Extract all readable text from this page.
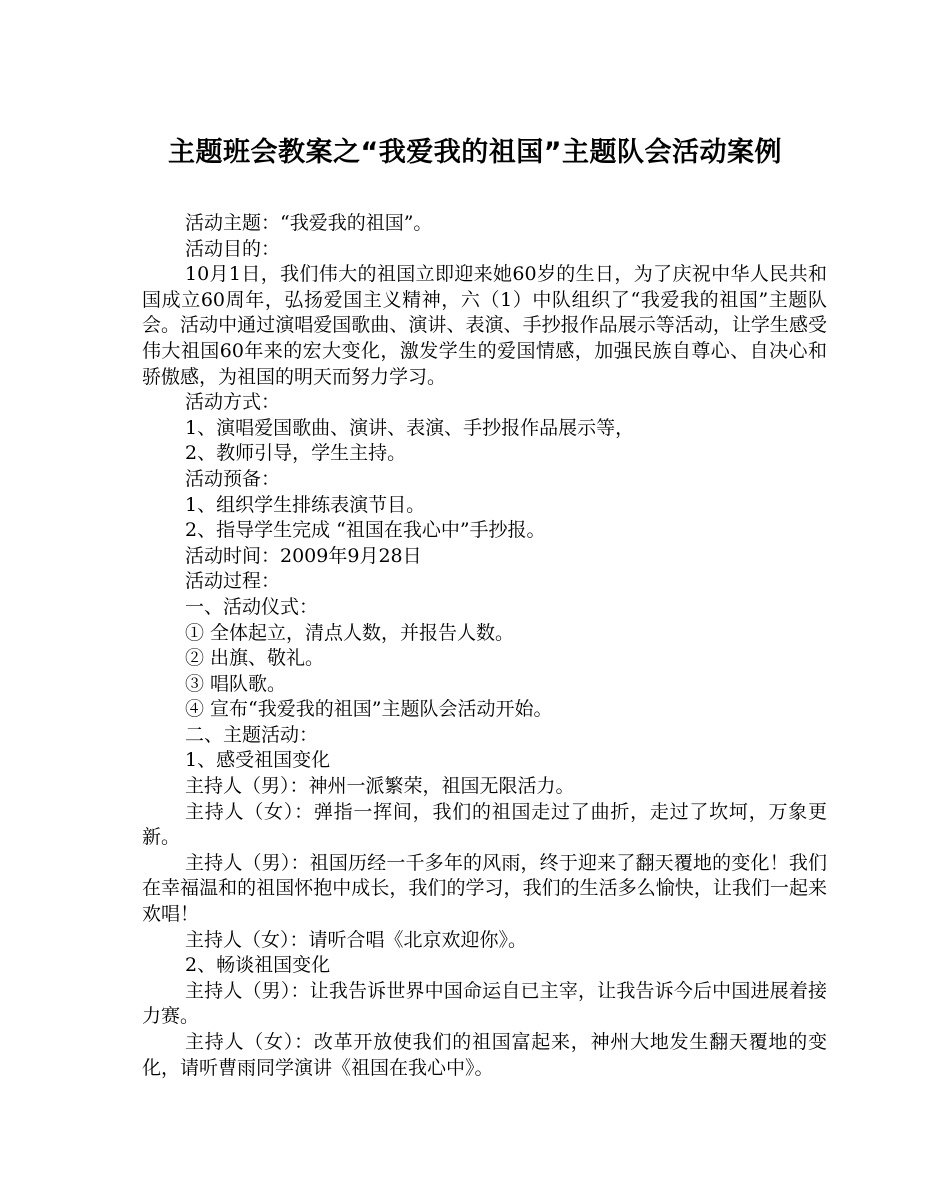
主题班会教案之“我爱我的祖国”主题队会活动案例

活动主题：“我爱我的祖国”。

活动目的：

10月1日，我们伟大的祖国立即迎来她60岁的生日，为了庆祝中华人民共和国成立60周年，弘扬爱国主义精神，六（1）中队组织了“我爱我的祖国”主题队会。活动中通过演唱爱国歌曲、演讲、表演、手抄报作品展示等活动，让学生感受伟大祖国60年来的宏大变化，激发学生的爱国情感，加强民族自尊心、自决心和骄傲感，为祖国的明天而努力学习。

活动方式：

1、演唱爱国歌曲、演讲、表演、手抄报作品展示等，

2、教师引导，学生主持。

活动预备：

1、组织学生排练表演节目。

2、指导学生完成 “祖国在我心中”手抄报。

活动时间：2009年9月28日

活动过程：

一、活动仪式：

① 全体起立，清点人数，并报告人数。

② 出旗、敬礼。

③ 唱队歌。

④ 宣布“我爱我的祖国”主题队会活动开始。

二、主题活动：

1、感受祖国变化

主持人（男）：神州一派繁荣，祖国无限活力。

主持人（女）：弹指一挥间，我们的祖国走过了曲折，走过了坎坷，万象更新。

主持人（男）：祖国历经一千多年的风雨，终于迎来了翻天覆地的变化！我们在幸福温和的祖国怀抱中成长，我们的学习，我们的生活多么愉快，让我们一起来欢唱！

主持人（女）：请听合唱《北京欢迎你》。

2、畅谈祖国变化

主持人（男）：让我告诉世界中国命运自已主宰，让我告诉今后中国进展着接力赛。

主持人（女）：改革开放使我们的祖国富起来，神州大地发生翻天覆地的变化，请听曹雨同学演讲《祖国在我心中》。
